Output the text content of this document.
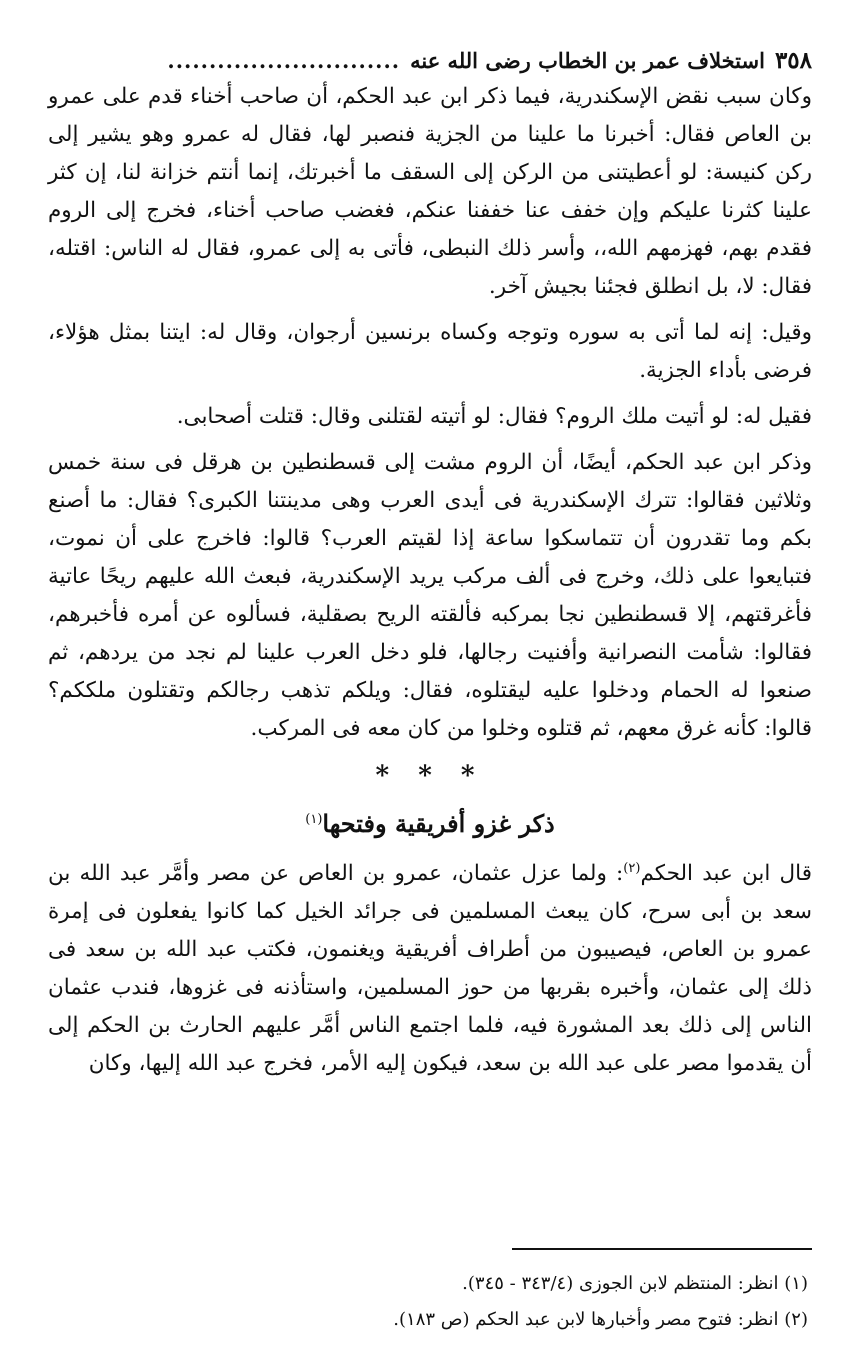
٣٥٨
استخلاف عمر بن الخطاب رضى الله عنه
............................

وكان سبب نقض الإسكندرية، فيما ذكر ابن عبد الحكم، أن صاحب أخناء قدم على عمرو بن العاص فقال: أخبرنا ما علينا من الجزية فنصبر لها، فقال له عمرو وهو يشير إلى ركن كنيسة: لو أعطيتنى من الركن إلى السقف ما أخبرتك، إنما أنتم خزانة لنا، إن كثر علينا كثرنا عليكم وإن خفف عنا خففنا عنكم، فغضب صاحب أخناء، فخرج إلى الروم فقدم بهم، فهزمهم الله،، وأسر ذلك النبطى، فأتى به إلى عمرو، فقال له الناس: اقتله، فقال: لا، بل انطلق فجئنا بجيش آخر.

وقيل: إنه لما أتى به سوره وتوجه وكساه برنسين أرجوان، وقال له: ايتنا بمثل هؤلاء، فرضى بأداء الجزية.

فقيل له: لو أتيت ملك الروم؟ فقال: لو أتيته لقتلنى وقال: قتلت أصحابى.

وذكر ابن عبد الحكم، أيضًا، أن الروم مشت إلى قسطنطين بن هرقل فى سنة خمس وثلاثين فقالوا: تترك الإسكندرية فى أيدى العرب وهى مدينتنا الكبرى؟ فقال: ما أصنع بكم وما تقدرون أن تتماسكوا ساعة إذا لقيتم العرب؟ قالوا: فاخرج على أن نموت، فتبايعوا على ذلك، وخرج فى ألف مركب يريد الإسكندرية، فبعث الله عليهم ريحًا عاتية فأغرقتهم، إلا قسطنطين نجا بمركبه فألقته الريح بصقلية، فسألوه عن أمره فأخبرهم، فقالوا: شأمت النصرانية وأفنيت رجالها، فلو دخل العرب علينا لم نجد من يردهم، ثم صنعوا له الحمام ودخلوا عليه ليقتلوه، فقال: ويلكم تذهب رجالكم وتقتلون ملككم؟ قالوا: كأنه غرق معهم، ثم قتلوه وخلوا من كان معه فى المركب.

* * *
ذكر غزو أفريقية وفتحها$^{(١)}$

قال ابن عبد الحكم$^{(٢)}$: ولما عزل عثمان، عمرو بن العاص عن مصر وأمَّر عبد الله بن سعد بن أبى سرح، كان يبعث المسلمين فى جرائد الخيل كما كانوا يفعلون فى إمرة عمرو بن العاص، فيصيبون من أطراف أفريقية ويغنمون، فكتب عبد الله بن سعد فى ذلك إلى عثمان، وأخبره بقربها من حوز المسلمين، واستأذنه فى غزوها، فندب عثمان الناس إلى ذلك بعد المشورة فيه، فلما اجتمع الناس أمَّر عليهم الحارث بن الحكم إلى أن يقدموا مصر على عبد الله بن سعد، فيكون إليه الأمر، فخرج عبد الله إليها، وكان

(١) انظر: المنتظم لابن الجوزى (٣٤٣/٤ - ٣٤٥).

(٢) انظر: فتوح مصر وأخبارها لابن عبد الحكم (ص ١٨٣).
